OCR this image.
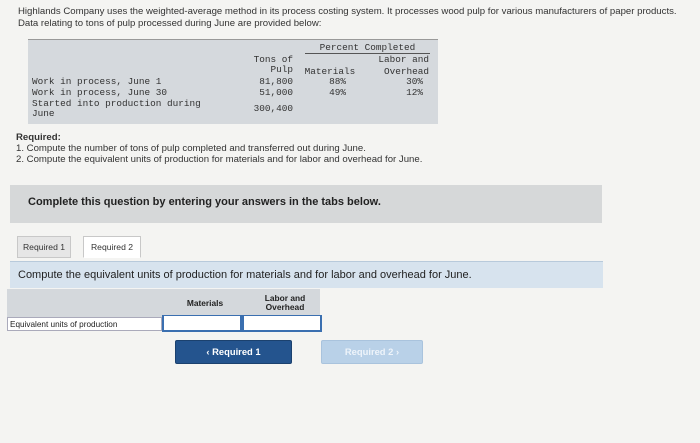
Highlands Company uses the weighted-average method in its process costing system. It processes wood pulp for various manufacturers of paper products. Data relating to tons of pulp processed during June are provided below:
Tons of
Pulp
Percent Completed
Materials
Labor and
Overhead
Work in process, June 1	81,800	88%	30%
Work in process, June 30	51,000	49%	12%
Started into production during
June	300,400
Required:
1. Compute the number of tons of pulp completed and transferred out during June.
2. Compute the equivalent units of production for materials and for labor and overhead for June.
Complete this question by entering your answers in the tabs below.
Required 1	Required 2
Compute the equivalent units of production for materials and for labor and overhead for June.
Materials	Labor and
Overhead
Equivalent units of production
‹ Required 1	Required 2 ›
